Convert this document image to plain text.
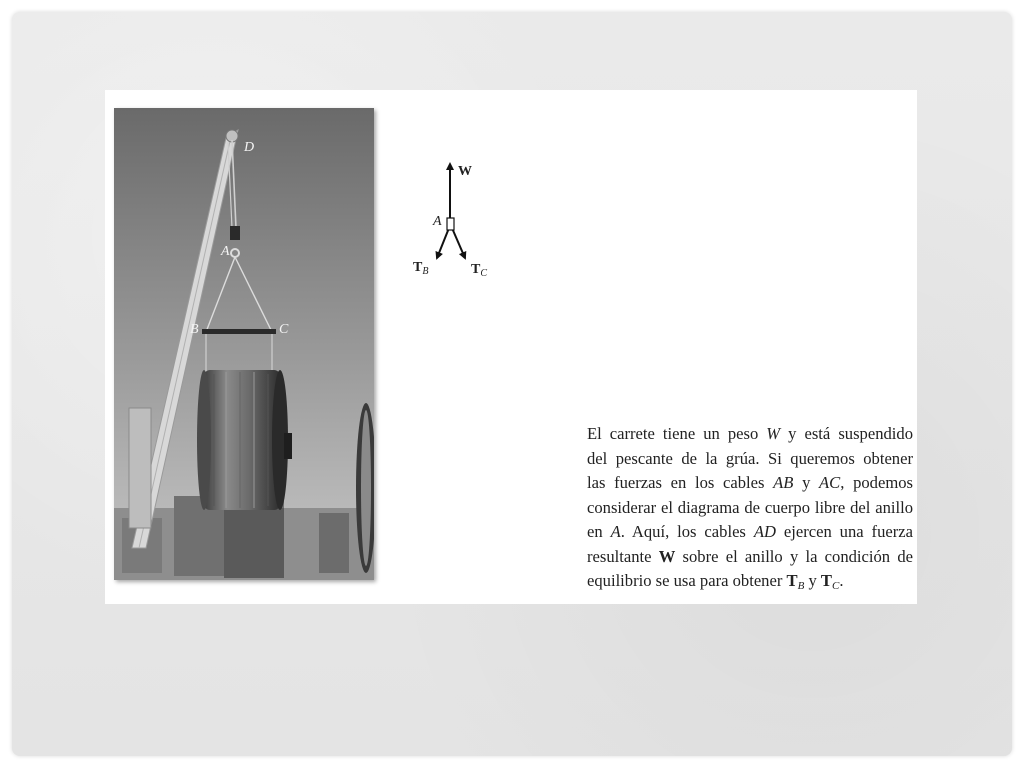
D
A
B	C
W
A
$T_B$	$T_C$
El carrete tiene un peso W y está suspendido
del pescante de la grúa. Si queremos obtener
las fuerzas en los cables AB y AC, podemos
considerar el diagrama de cuerpo libre del anillo
en A. Aquí, los cables AD ejercen una fuerza
resultante W sobre el anillo y la condición de
equilibrio se usa para obtener $T_B$ y $T_C$.
